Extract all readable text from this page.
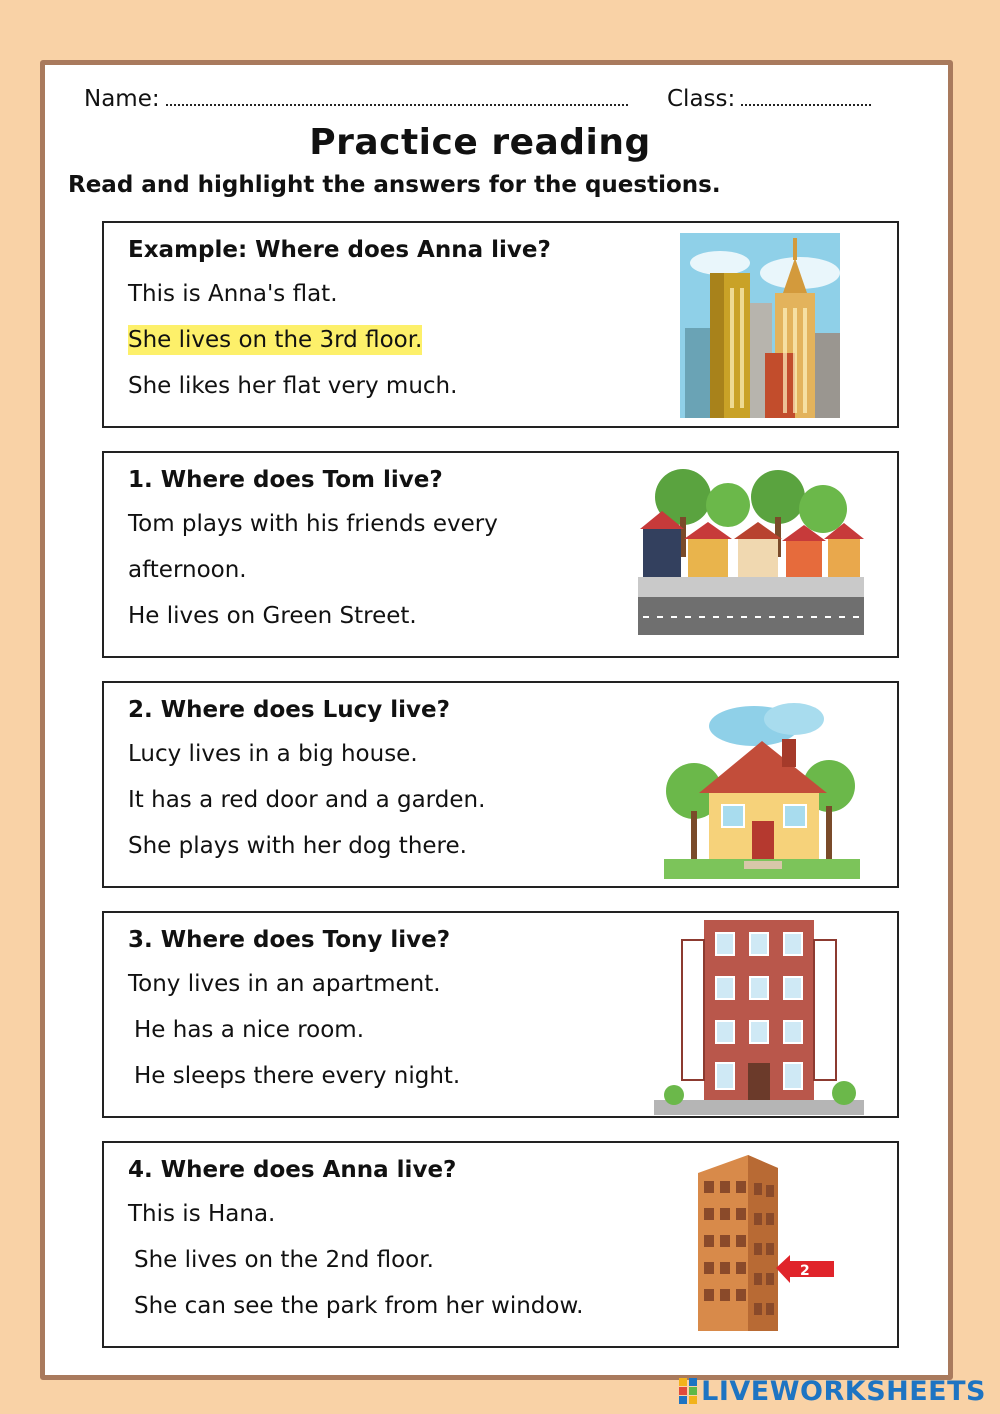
Name:	Class:
Practice reading
Read and highlight the answers for the questions.
Example: Where does Anna live?
This is Anna's flat.
She lives on the 3rd floor.
She likes her flat very much.
1. Where does Tom live?
Tom plays with his friends every
afternoon.
He lives on Green Street.
2. Where does Lucy live?
Lucy lives in a big house.
It has a red door and a garden.
She plays with her dog there.
3. Where does Tony live?
Tony lives in an apartment.
He has a nice room.
He sleeps there every night.
4. Where does Anna live?
This is Hana.
She lives on the 2nd floor.
She can see the park from her window.
2
LIVEWORKSHEETS
